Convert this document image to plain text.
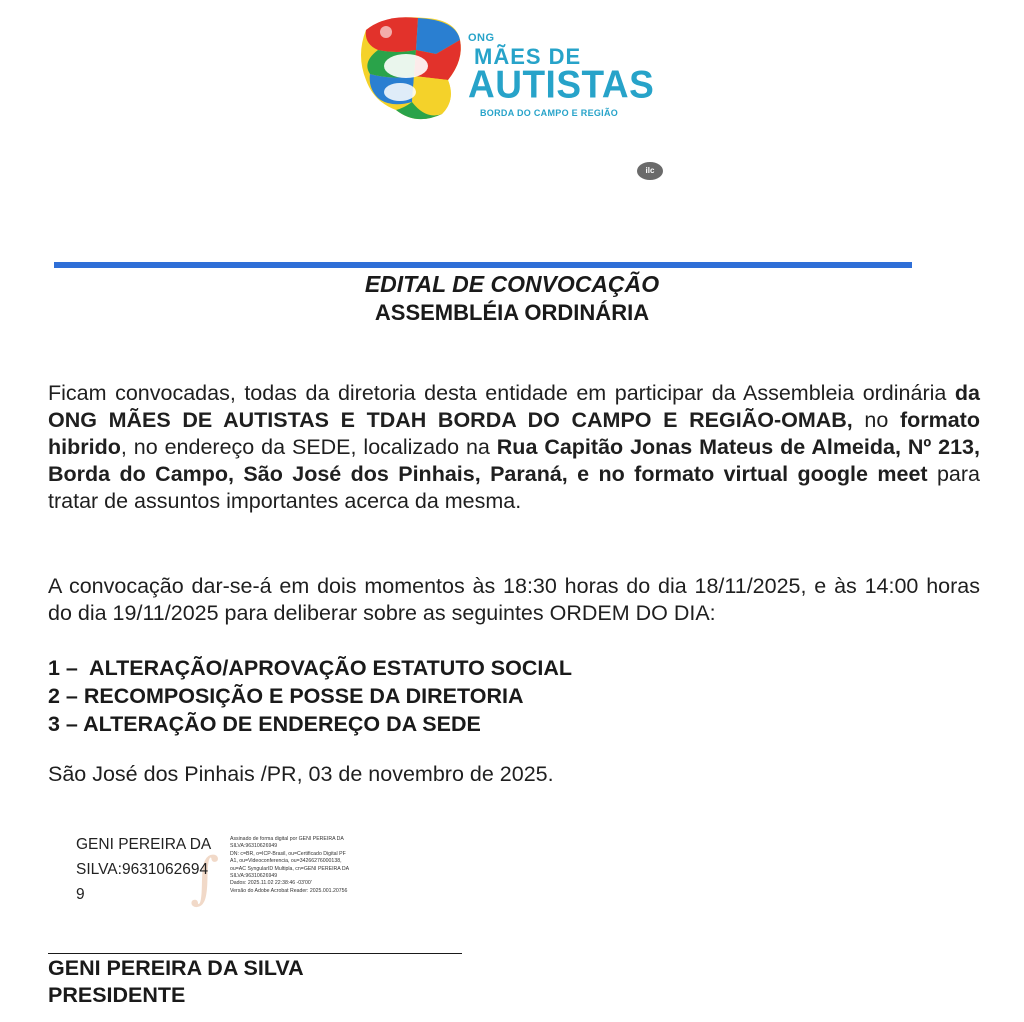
ONG
MÃES DE
AUTISTAS
BORDA DO CAMPO E REGIÃO
ilc
EDITAL DE CONVOCAÇÃO
ASSEMBLÉIA ORDINÁRIA
Ficam convocadas, todas da diretoria desta entidade em participar da Assembleia ordinária da ONG MÃES DE AUTISTAS E TDAH BORDA DO CAMPO E REGIÃO-OMAB, no formato hibrido, no endereço da SEDE, localizado na Rua Capitão Jonas Mateus de Almeida, Nº 213, Borda do Campo, São José dos Pinhais, Paraná, e no formato virtual google meet para tratar de assuntos importantes acerca da mesma.
A convocação dar-se-á em dois momentos às 18:30 horas do dia 18/11/2025, e às 14:00 horas do dia 19/11/2025 para deliberar sobre as seguintes ORDEM DO DIA:
1 –  ALTERAÇÃO/APROVAÇÃO ESTATUTO SOCIAL
2 – RECOMPOSIÇÃO E POSSE DA DIRETORIA
3 – ALTERAÇÃO DE ENDEREÇO DA SEDE
São José dos Pinhais /PR, 03 de novembro de 2025.
∫
GENI PEREIRA DA
SILVA:9631062694
9
Assinado de forma digital por GENI PEREIRA DA
SILVA:96310626949
DN: c=BR, o=ICP-Brasil, ou=Certificado Digital PF
A1, ou=Videoconferencia, ou=34266276000138,
ou=AC SyngularID Multipla, cn=GENI PEREIRA DA
SILVA:96310626949
Dados: 2025.11.02 22:38:46 -03'00'
Versão do Adobe Acrobat Reader: 2025.001.20756
GENI PEREIRA DA SILVA
PRESIDENTE
